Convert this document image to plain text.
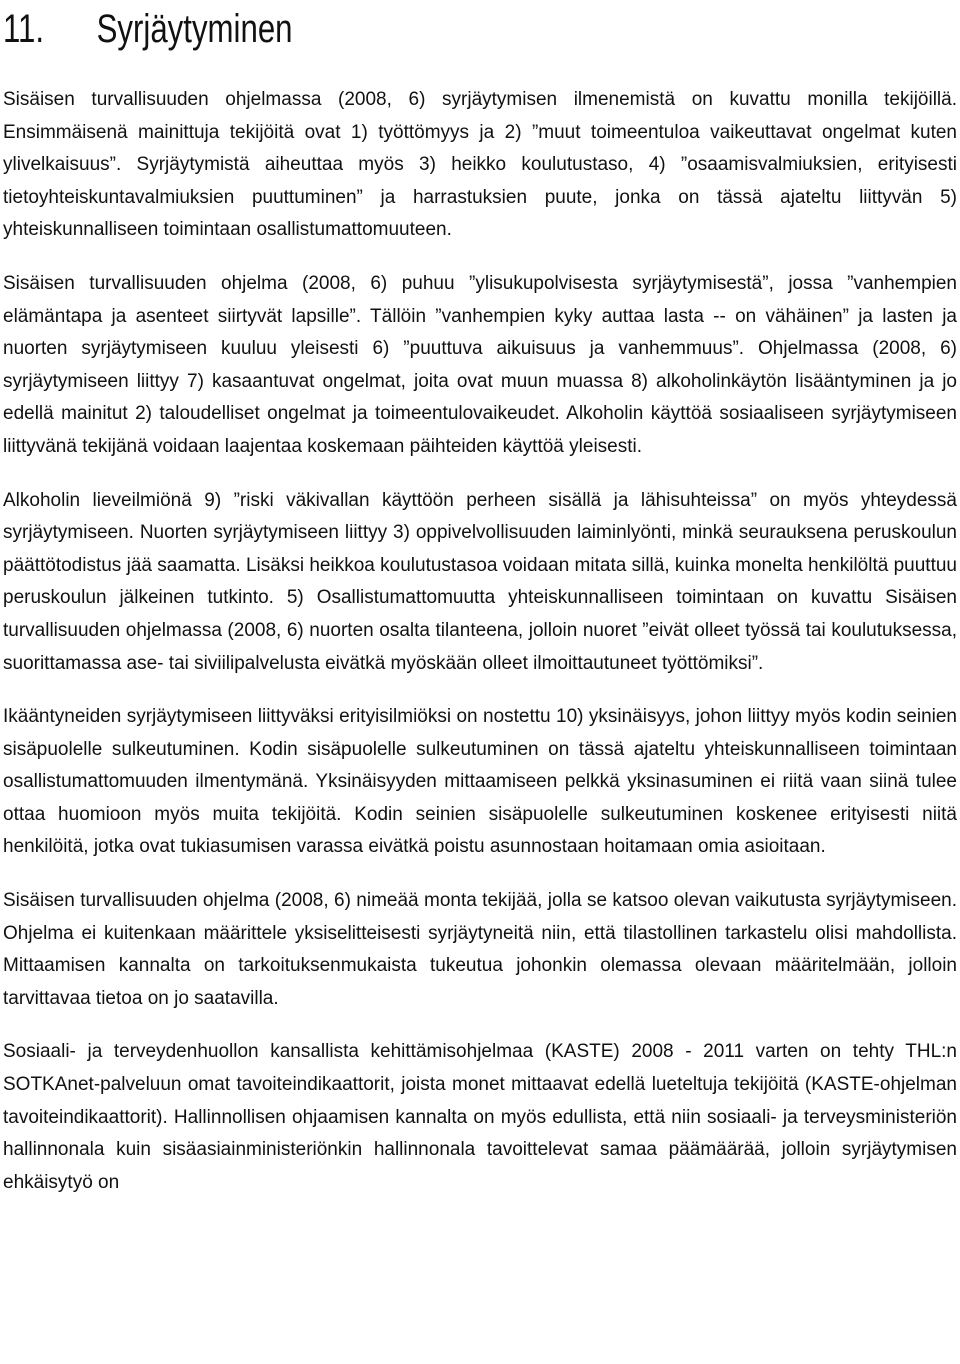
11. Syrjäytyminen

Sisäisen turvallisuuden ohjelmassa (2008, 6) syrjäytymisen ilmenemistä on kuvattu monilla tekijöillä. Ensimmäisenä mainittuja tekijöitä ovat 1) työttömyys ja 2) ”muut toimeentuloa vaikeuttavat ongelmat kuten ylivelkaisuus”. Syrjäytymistä aiheuttaa myös 3) heikko koulutustaso, 4) ”osaamisvalmiuksien, erityisesti tietoyhteiskuntavalmiuksien puuttuminen” ja harrastuksien puute, jonka on tässä ajateltu liittyvän 5) yhteiskunnalliseen toimintaan osallistumattomuuteen.

Sisäisen turvallisuuden ohjelma (2008, 6) puhuu ”ylisukupolvisesta syrjäytymisestä”, jossa ”vanhempien elämäntapa ja asenteet siirtyvät lapsille”. Tällöin ”vanhempien kyky auttaa lasta -- on vähäinen” ja lasten ja nuorten syrjäytymiseen kuuluu yleisesti 6) ”puuttuva aikuisuus ja vanhemmuus”. Ohjelmassa (2008, 6) syrjäytymiseen liittyy 7) kasaantuvat ongelmat, joita ovat muun muassa 8) alkoholinkäytön lisääntyminen ja jo edellä mainitut 2) taloudelliset ongelmat ja toimeentulovaikeudet. Alkoholin käyttöä sosiaaliseen syrjäytymiseen liittyvänä tekijänä voidaan laajentaa koskemaan päihteiden käyttöä yleisesti.

Alkoholin lieveilmiönä 9) ”riski väkivallan käyttöön perheen sisällä ja lähisuhteissa” on myös yhteydessä syrjäytymiseen. Nuorten syrjäytymiseen liittyy 3) oppivelvollisuuden laiminlyönti, minkä seurauksena peruskoulun päättötodistus jää saamatta. Lisäksi heikkoa koulutustasoa voidaan mitata sillä, kuinka monelta henkilöltä puuttuu peruskoulun jälkeinen tutkinto. 5) Osallistumattomuutta yhteiskunnalliseen toimintaan on kuvattu Sisäisen turvallisuuden ohjelmassa (2008, 6) nuorten osalta tilanteena, jolloin nuoret ”eivät olleet työssä tai koulutuksessa, suorittamassa ase- tai siviilipalvelusta eivätkä myöskään olleet ilmoittautuneet työttömiksi”.

Ikääntyneiden syrjäytymiseen liittyväksi erityisilmiöksi on nostettu 10) yksinäisyys, johon liittyy myös kodin seinien sisäpuolelle sulkeutuminen. Kodin sisäpuolelle sulkeutuminen on tässä ajateltu yhteiskunnalliseen toimintaan osallistumattomuuden ilmentymänä. Yksinäisyyden mittaamiseen pelkkä yksinasuminen ei riitä vaan siinä tulee ottaa huomioon myös muita tekijöitä. Kodin seinien sisäpuolelle sulkeutuminen koskenee erityisesti niitä henkilöitä, jotka ovat tukiasumisen varassa eivätkä poistu asunnostaan hoitamaan omia asioitaan.

Sisäisen turvallisuuden ohjelma (2008, 6) nimeää monta tekijää, jolla se katsoo olevan vaikutusta syrjäytymiseen. Ohjelma ei kuitenkaan määrittele yksiselitteisesti syrjäytyneitä niin, että tilastollinen tarkastelu olisi mahdollista. Mittaamisen kannalta on tarkoituksenmukaista tukeutua johonkin olemassa olevaan määritelmään, jolloin tarvittavaa tietoa on jo saatavilla.

Sosiaali- ja terveydenhuollon kansallista kehittämisohjelmaa (KASTE) 2008 - 2011 varten on tehty THL:n SOTKAnet-palveluun omat tavoiteindikaattorit, joista monet mittaavat edellä lueteltuja tekijöitä (KASTE-ohjelman tavoiteindikaattorit). Hallinnollisen ohjaamisen kannalta on myös edullista, että niin sosiaali- ja terveysministeriön hallinnonala kuin sisäasiainministeriönkin hallinnonala tavoittelevat samaa päämäärää, jolloin syrjäytymisen ehkäisytyö on
